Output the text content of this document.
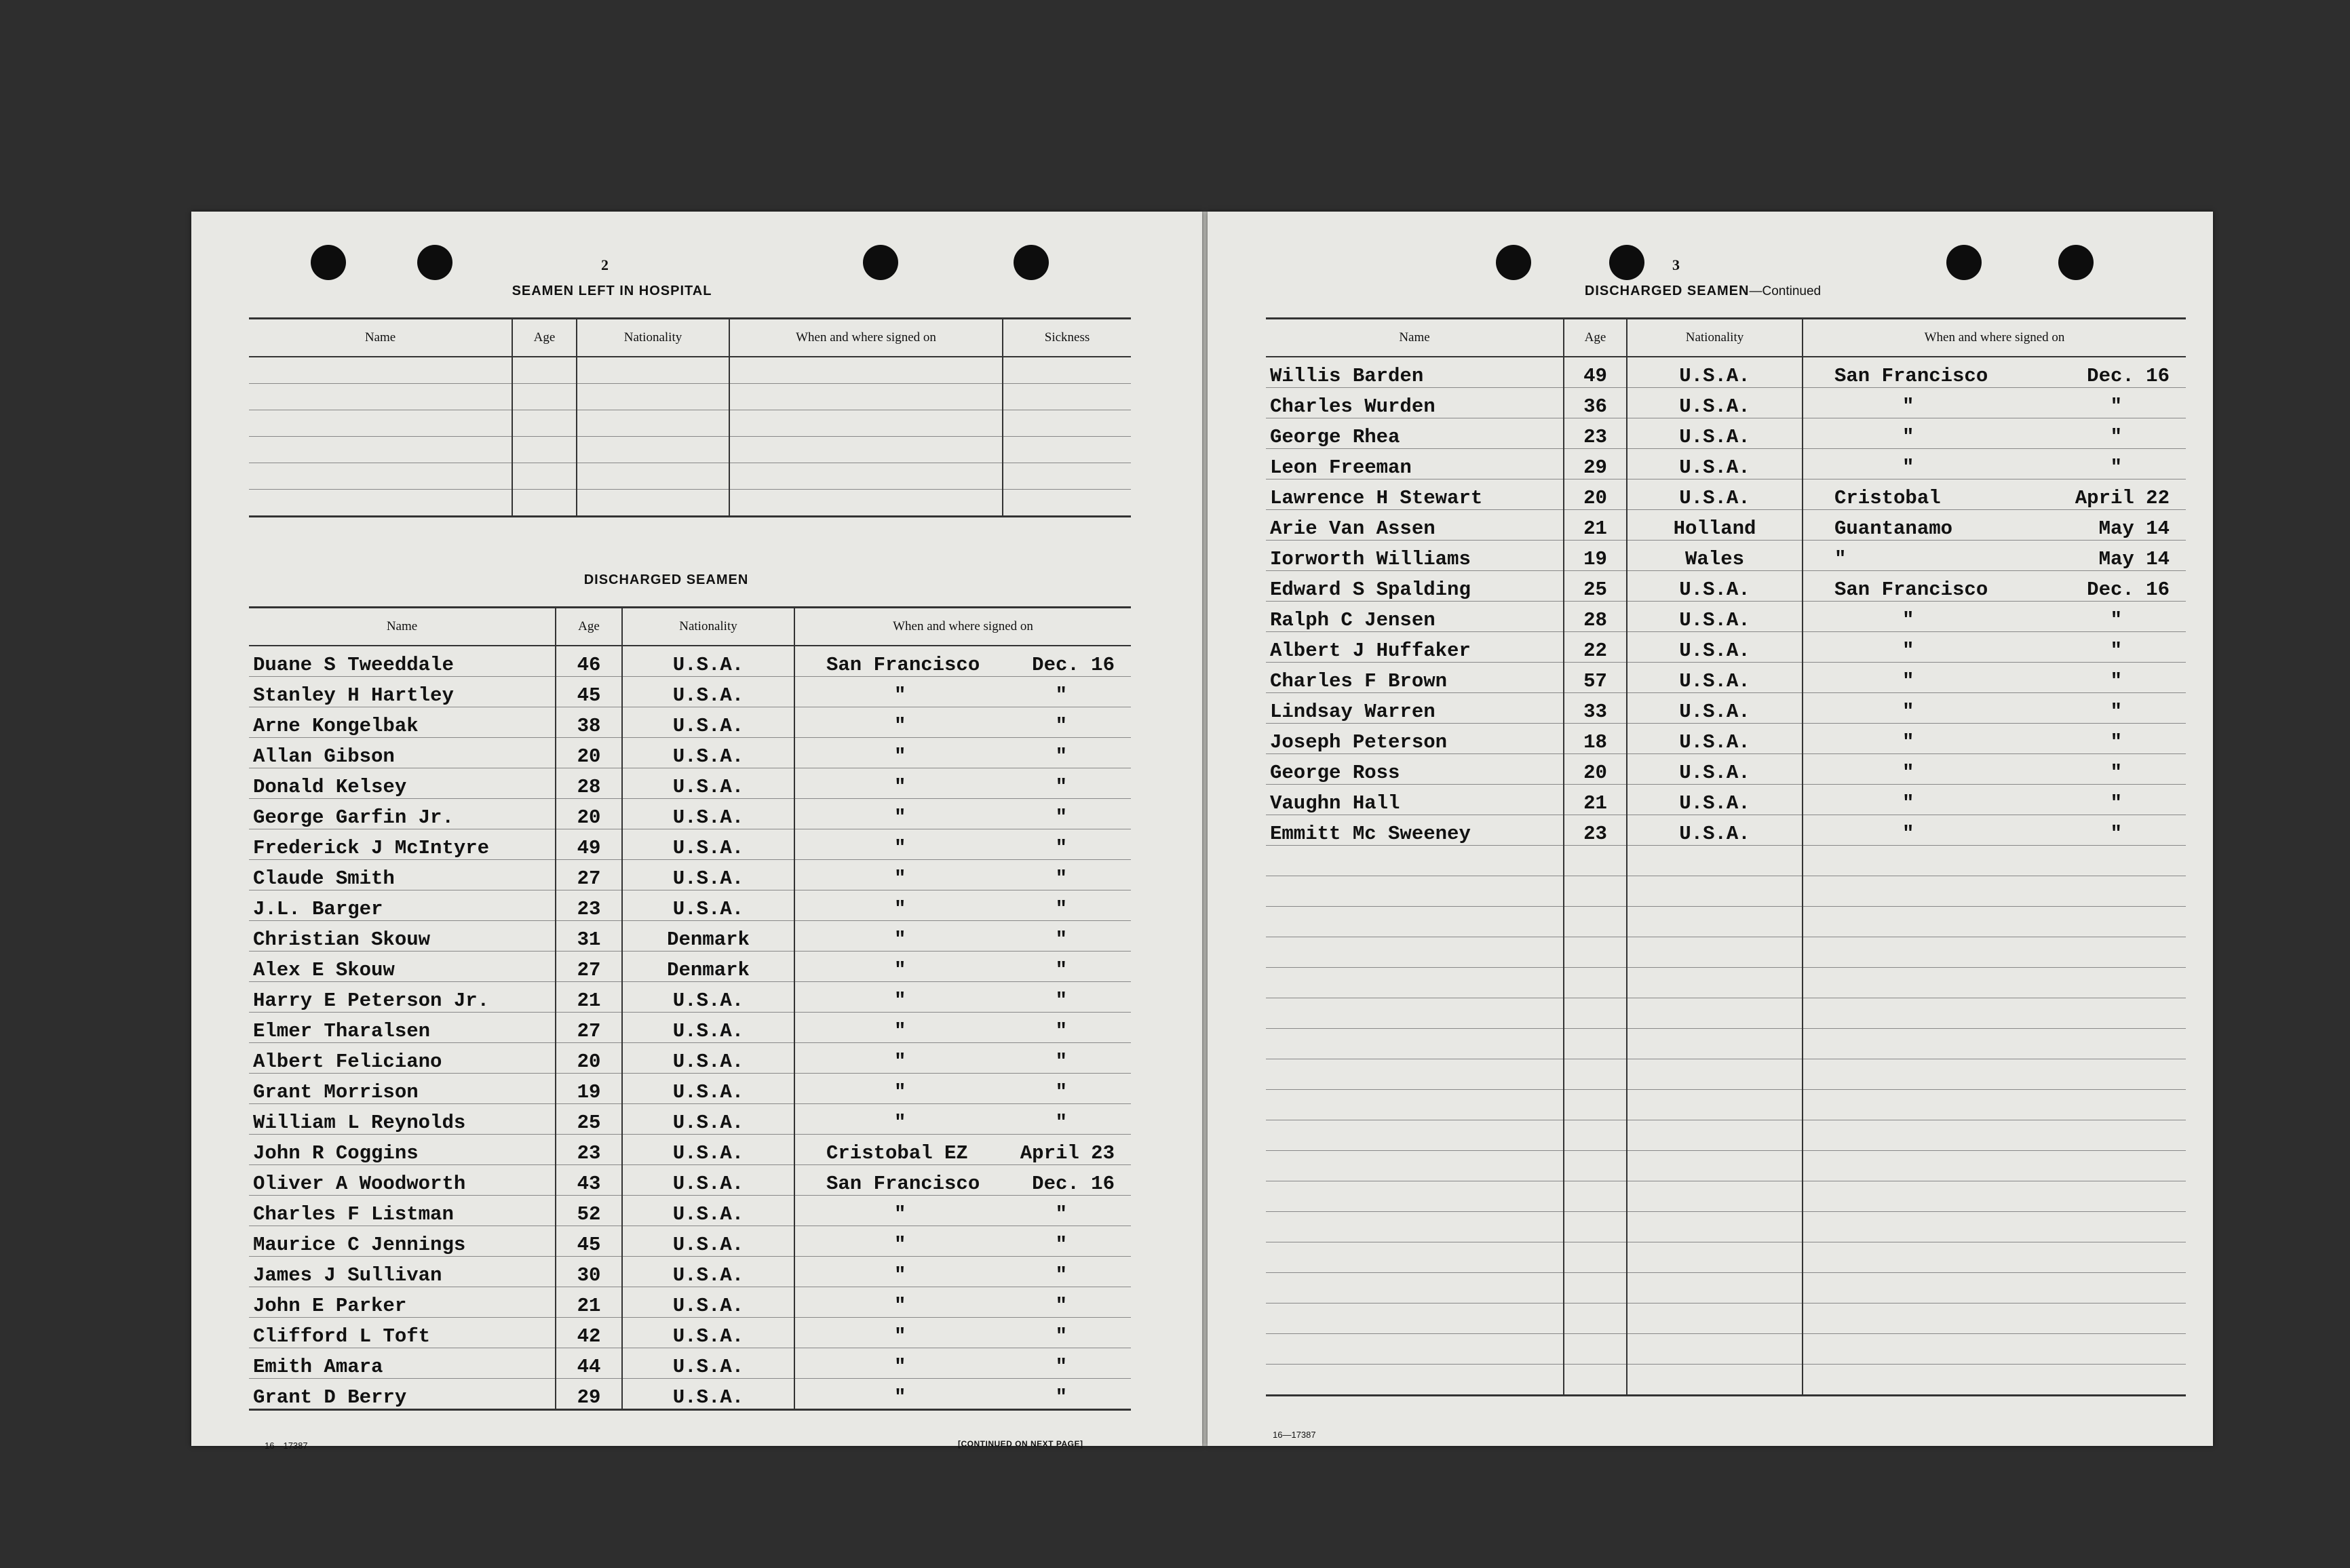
2
SEAMEN LEFT IN HOSPITAL
Name	Age	Nationality	When and where signed on	Sickness

DISCHARGED SEAMEN
Name	Age	Nationality	When and where signed on
Duane S Tweeddale	46	U.S.A.	San Francisco Dec. 16

Stanley H Hartley	45	U.S.A.	" "

Arne Kongelbak	38	U.S.A.	" "

Allan Gibson	20	U.S.A.	" "

Donald Kelsey	28	U.S.A.	" "

George Garfin Jr.	20	U.S.A.	" "

Frederick J McIntyre	49	U.S.A.	" "

Claude Smith	27	U.S.A.	" "

J.L. Barger	23	U.S.A.	" "

Christian Skouw	31	Denmark	" "

Alex E Skouw	27	Denmark	" "

Harry E Peterson Jr.	21	U.S.A.	" "

Elmer Tharalsen	27	U.S.A.	" "

Albert Feliciano	20	U.S.A.	" "

Grant Morrison	19	U.S.A.	" "

William L Reynolds	25	U.S.A.	" "

John R Coggins	23	U.S.A.	Cristobal EZ April 23

Oliver A Woodworth	43	U.S.A.	San Francisco Dec. 16

Charles F Listman	52	U.S.A.	" "

Maurice C Jennings	45	U.S.A.	" "

James J Sullivan	30	U.S.A.	" "

John E Parker	21	U.S.A.	" "

Clifford L Toft	42	U.S.A.	" "

Emith Amara	44	U.S.A.	" "

Grant D Berry	29	U.S.A.	" "
16—17387	[CONTINUED ON NEXT PAGE]
3
DISCHARGED SEAMEN—Continued
Name	Age	Nationality	When and where signed on
Willis Barden	49	U.S.A.	San Francisco Dec. 16

Charles Wurden	36	U.S.A.	" "

George Rhea	23	U.S.A.	" "

Leon Freeman	29	U.S.A.	" "

Lawrence H Stewart	20	U.S.A.	Cristobal April 22

Arie Van Assen	21	Holland	Guantanamo May 14

Iorworth Williams	19	Wales	" May 14

Edward S Spalding	25	U.S.A.	San Francisco Dec. 16

Ralph C Jensen	28	U.S.A.	" "

Albert J Huffaker	22	U.S.A.	" "

Charles F Brown	57	U.S.A.	" "

Lindsay Warren	33	U.S.A.	" "

Joseph Peterson	18	U.S.A.	" "

George Ross	20	U.S.A.	" "

Vaughn Hall	21	U.S.A.	" "

Emmitt Mc Sweeney	23	U.S.A.	" "

16—17387
